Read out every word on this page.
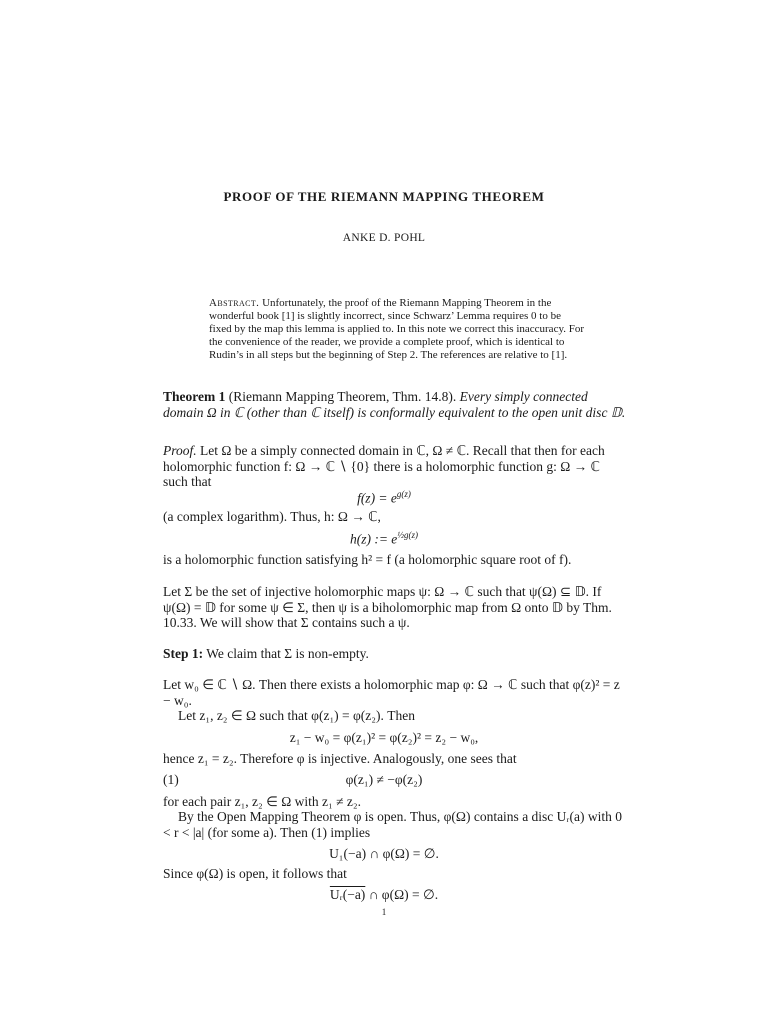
PROOF OF THE RIEMANN MAPPING THEOREM
ANKE D. POHL
Abstract. Unfortunately, the proof of the Riemann Mapping Theorem in the wonderful book [1] is slightly incorrect, since Schwarz’ Lemma requires 0 to be fixed by the map this lemma is applied to. In this note we correct this inaccuracy. For the convenience of the reader, we provide a complete proof, which is identical to Rudin’s in all steps but the beginning of Step 2. The references are relative to [1].

Theorem 1 (Riemann Mapping Theorem, Thm. 14.8). Every simply connected domain Ω in ℂ (other than ℂ itself) is conformally equivalent to the open unit disc 𝔻.

Proof. Let Ω be a simply connected domain in ℂ, Ω ≠ ℂ. Recall that then for each holomorphic function f: Ω → ℂ ∖ {0} there is a holomorphic function g: Ω → ℂ such that

$f(z) = e^{g(z)}$
(a complex logarithm). Thus, h: Ω → ℂ,
h(z) := $e^{\frac{1}{2}g(z)}$
is a holomorphic function satisfying h² = f (a holomorphic square root of f).

Let Σ be the set of injective holomorphic maps ψ: Ω → ℂ such that ψ(Ω) ⊆ 𝔻. If ψ(Ω) = 𝔻 for some ψ ∈ Σ, then ψ is a biholomorphic map from Ω onto 𝔻 by Thm. 10.33. We will show that Σ contains such a ψ.

Step 1: We claim that Σ is non-empty.

Let w₀ ∈ ℂ ∖ Ω. Then there exists a holomorphic map φ: Ω → ℂ such that φ(z)² = z − w₀.

Let z₁, z₂ ∈ Ω such that φ(z₁) = φ(z₂). Then
z₁ − w₀ = φ(z₁)² = φ(z₂)² = z₂ − w₀,
hence z₁ = z₂. Therefore φ is injective. Analogously, one sees that
(1)	φ(z₁) ≠ −φ(z₂)
for each pair z₁, z₂ ∈ Ω with z₁ ≠ z₂.

By the Open Mapping Theorem φ is open. Thus, φ(Ω) contains a disc Uᵣ(a) with 0 < r < |a| (for some a). Then (1) implies

U₁(−a) ∩ φ(Ω) = ∅.
Since φ(Ω) is open, it follows that
Uᵣ(−a) ∩ φ(Ω) = ∅.
1
